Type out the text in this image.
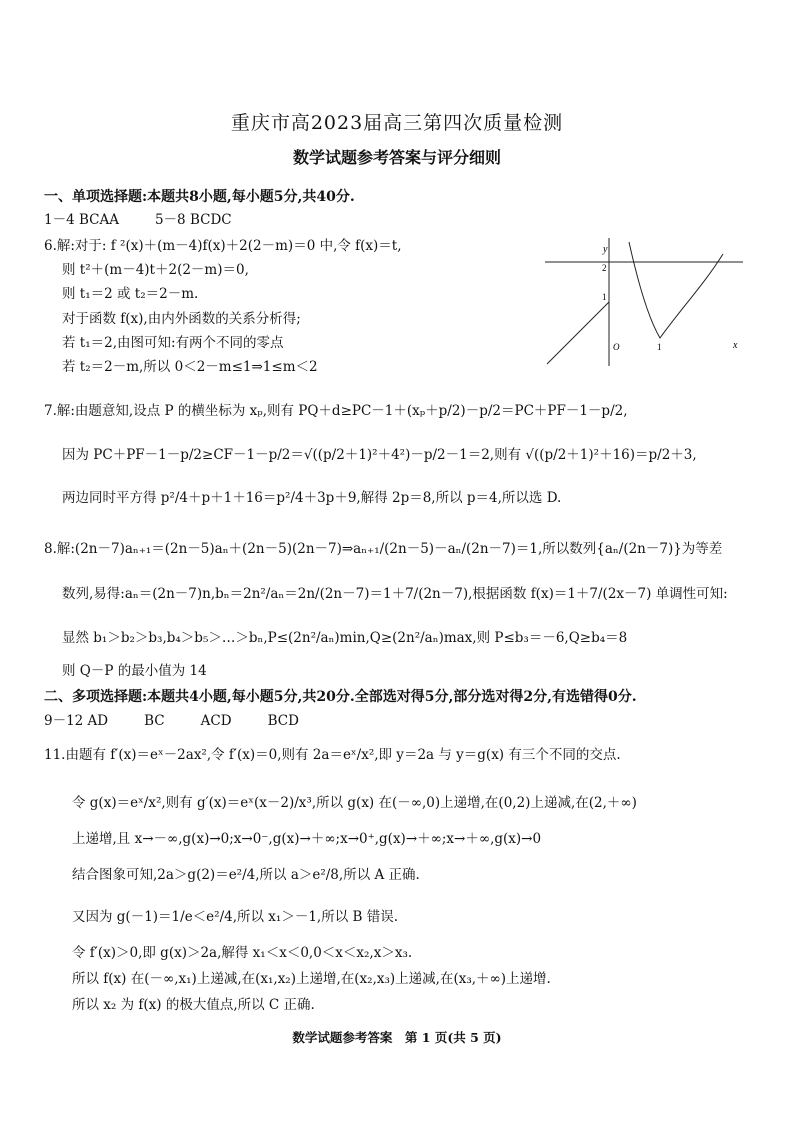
重庆市高2023届高三第四次质量检测
数学试题参考答案与评分细则
一、单项选择题:本题共8小题,每小题5分,共40分.
1－4 BCAA	5－8 BCDC
6.解:对于: f ²(x)＋(m－4)f(x)＋2(2－m)＝0 中,令 f(x)＝t,
则 t²＋(m－4)t＋2(2－m)＝0,
则 t₁＝2 或 t₂＝2－m.
对于函数 f(x),由内外函数的关系分析得;
若 t₁＝2,由图可知:有两个不同的零点
若 t₂＝2－m,所以 0＜2－m≤1⇒1≤m＜2
y
x
O	1
1
2
7.解:由题意知,设点 P 的横坐标为 xₚ,则有 PQ＋d≥PC－1＋(xₚ＋p/2)－p/2＝PC＋PF－1－p/2,
因为 PC＋PF－1－p/2≥CF－1－p/2＝√((p/2＋1)²＋4²)－p/2－1＝2,则有 √((p/2＋1)²＋16)＝p/2＋3,
两边同时平方得 p²/4＋p＋1＋16＝p²/4＋3p＋9,解得 2p＝8,所以 p＝4,所以选 D.
8.解:(2n－7)aₙ₊₁＝(2n－5)aₙ＋(2n－5)(2n－7)⇒aₙ₊₁/(2n－5)－aₙ/(2n－7)＝1,所以数列{aₙ/(2n－7)}为等差
数列,易得:aₙ＝(2n－7)n,bₙ＝2n²/aₙ＝2n/(2n－7)＝1＋7/(2n－7),根据函数 f(x)＝1＋7/(2x－7) 单调性可知:
显然 b₁＞b₂＞b₃,b₄＞b₅＞…＞bₙ,P≤(2n²/aₙ)min,Q≥(2n²/aₙ)max,则 P≤b₃＝－6,Q≥b₄＝8
则 Q－P 的最小值为 14
二、多项选择题:本题共4小题,每小题5分,共20分.全部选对得5分,部分选对得2分,有选错得0分.
9－12 AD	BC	ACD	BCD
11.由题有 f′(x)＝eˣ－2ax²,令 f′(x)＝0,则有 2a＝eˣ/x²,即 y＝2a 与 y＝g(x) 有三个不同的交点.
令 g(x)＝eˣ/x²,则有 g′(x)＝eˣ(x－2)/x³,所以 g(x) 在(－∞,0)上递增,在(0,2)上递减,在(2,＋∞)
上递增,且 x→－∞,g(x)→0;x→0⁻,g(x)→＋∞;x→0⁺,g(x)→＋∞;x→＋∞,g(x)→0
结合图象可知,2a＞g(2)＝e²/4,所以 a＞e²/8,所以 A 正确.
又因为 g(－1)＝1/e＜e²/4,所以 x₁＞－1,所以 B 错误.
令 f′(x)＞0,即 g(x)＞2a,解得 x₁＜x＜0,0＜x＜x₂,x＞x₃.
所以 f(x) 在(－∞,x₁)上递减,在(x₁,x₂)上递增,在(x₂,x₃)上递减,在(x₃,＋∞)上递增.
所以 x₂ 为 f(x) 的极大值点,所以 C 正确.
数学试题参考答案　第 1 页(共 5 页)
